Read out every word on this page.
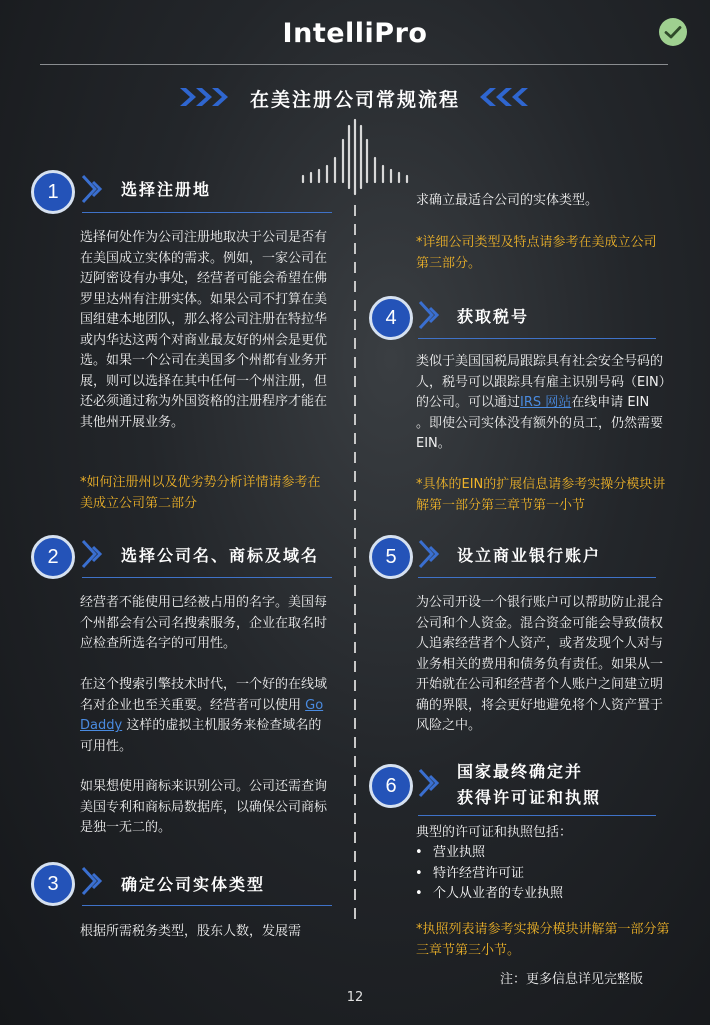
IntelliPro
在美注册公司常规流程
1	选择注册地

选择何处作为公司注册地取决于公司是否有在美国成立实体的需求。例如，一家公司在迈阿密设有办事处，经营者可能会希望在佛罗里达州有注册实体。如果公司不打算在美国组建本地团队，那么将公司注册在特拉华或内华达这两个对商业最友好的州会是更优选。如果一个公司在美国多个州都有业务开展，则可以选择在其中任何一个州注册，但还必须通过称为外国资格的注册程序才能在其他州开展业务。

*如何注册州以及优劣势分析详情请参考在美成立公司第二部分

2	选择公司名、商标及域名

经营者不能使用已经被占用的名字。美国每个州都会有公司名搜索服务，企业在取名时应检查所选名字的可用性。

在这个搜索引擎技术时代，一个好的在线域名对企业也至关重要。经营者可以使用 Go Daddy 这样的虚拟主机服务来检查域名的可用性。

如果想使用商标来识别公司。公司还需查询美国专利和商标局数据库，以确保公司商标是独一无二的。

3	确定公司实体类型

根据所需税务类型，股东人数，发展需

求确立最适合公司的实体类型。

*详细公司类型及特点请参考在美成立公司第三部分。

4	获取税号

类似于美国国税局跟踪具有社会安全号码的人，税号可以跟踪具有雇主识别号码（EIN）的公司。可以通过IRS 网站在线申请 EIN 。即使公司实体没有额外的员工，仍然需要 EIN。

*具体的EIN的扩展信息请参考实操分模块讲解第一部分第三章节第一小节

5	设立商业银行账户

为公司开设一个银行账户可以帮助防止混合公司和个人资金。混合资金可能会导致债权人追索经营者个人资产，或者发现个人对与业务相关的费用和债务负有责任。如果从一开始就在公司和经营者个人账户之间建立明确的界限，将会更好地避免将个人资产置于风险之中。

6
国家最终确定并
获得许可证和执照

典型的许可证和执照包括：

• 营业执照
• 特许经营许可证
• 个人从业者的专业执照

*执照列表请参考实操分模块讲解第一部分第三章节第三小节。

注：更多信息详见完整版
12
